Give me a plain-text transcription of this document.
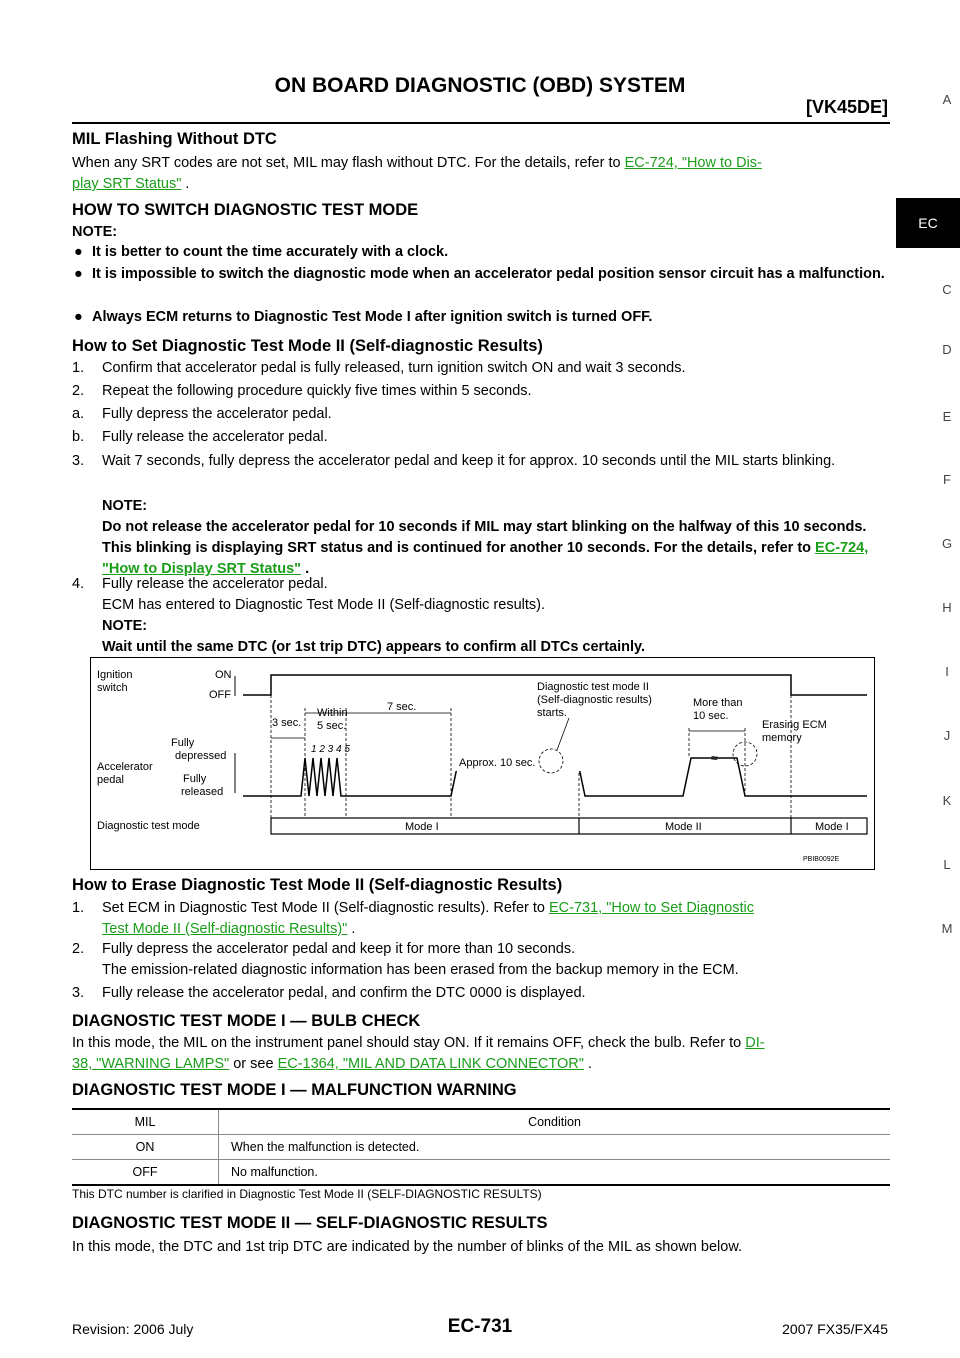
ON BOARD DIAGNOSTIC (OBD) SYSTEM
[VK45DE]	A
EC
C
D
E
F
G
H
I
J
K
L
M
MIL Flashing Without DTC
When any SRT codes are not set, MIL may flash without DTC. For the details, refer to EC-724, "How to Dis-
play SRT Status" .
HOW TO SWITCH DIAGNOSTIC TEST MODE
NOTE:
● It is better to count the time accurately with a clock.
● It is impossible to switch the diagnostic mode when an accelerator pedal position sensor circuit has a malfunction.
● Always ECM returns to Diagnostic Test Mode I after ignition switch is turned OFF.
How to Set Diagnostic Test Mode II (Self-diagnostic Results)
1. Confirm that accelerator pedal is fully released, turn ignition switch ON and wait 3 seconds.
2. Repeat the following procedure quickly five times within 5 seconds.
a. Fully depress the accelerator pedal.
b. Fully release the accelerator pedal.
3. Wait 7 seconds, fully depress the accelerator pedal and keep it for approx. 10 seconds until the MIL starts blinking.
NOTE:
Do not release the accelerator pedal for 10 seconds if MIL may start blinking on the halfway of this 10 seconds. This blinking is displaying SRT status and is continued for another 10 seconds. For the details, refer to EC-724, "How to Display SRT Status" .
4. Fully release the accelerator pedal.
ECM has entered to Diagnostic Test Mode II (Self-diagnostic results).
NOTE:
Wait until the same DTC (or 1st trip DTC) appears to confirm all DTCs certainly.
Ignition
switch
ON
OFF
Accelerator
pedal
Fully
depressed
Fully
released
Diagnostic test mode
3 sec.
Within
5 sec.
7 sec.
1 2 3 4 5
Approx. 10 sec.
Diagnostic test mode II
(Self-diagnostic results)
starts.
More than
10 sec.
Erasing ECM
memory
≈
Mode I	Mode II	Mode I
PBIB0092E
How to Erase Diagnostic Test Mode II (Self-diagnostic Results)
1. Set ECM in Diagnostic Test Mode II (Self-diagnostic results). Refer to EC-731, "How to Set Diagnostic
Test Mode II (Self-diagnostic Results)" .
2. Fully depress the accelerator pedal and keep it for more than 10 seconds.
The emission-related diagnostic information has been erased from the backup memory in the ECM.
3. Fully release the accelerator pedal, and confirm the DTC 0000 is displayed.
DIAGNOSTIC TEST MODE I — BULB CHECK
In this mode, the MIL on the instrument panel should stay ON. If it remains OFF, check the bulb. Refer to DI-
38, "WARNING LAMPS" or see EC-1364, "MIL AND DATA LINK CONNECTOR" .
DIAGNOSTIC TEST MODE I — MALFUNCTION WARNING
MIL	Condition
ON	When the malfunction is detected.
OFF	No malfunction.
This DTC number is clarified in Diagnostic Test Mode II (SELF-DIAGNOSTIC RESULTS)
DIAGNOSTIC TEST MODE II — SELF-DIAGNOSTIC RESULTS
In this mode, the DTC and 1st trip DTC are indicated by the number of blinks of the MIL as shown below.
Revision: 2006 July	EC-731	2007 FX35/FX45
